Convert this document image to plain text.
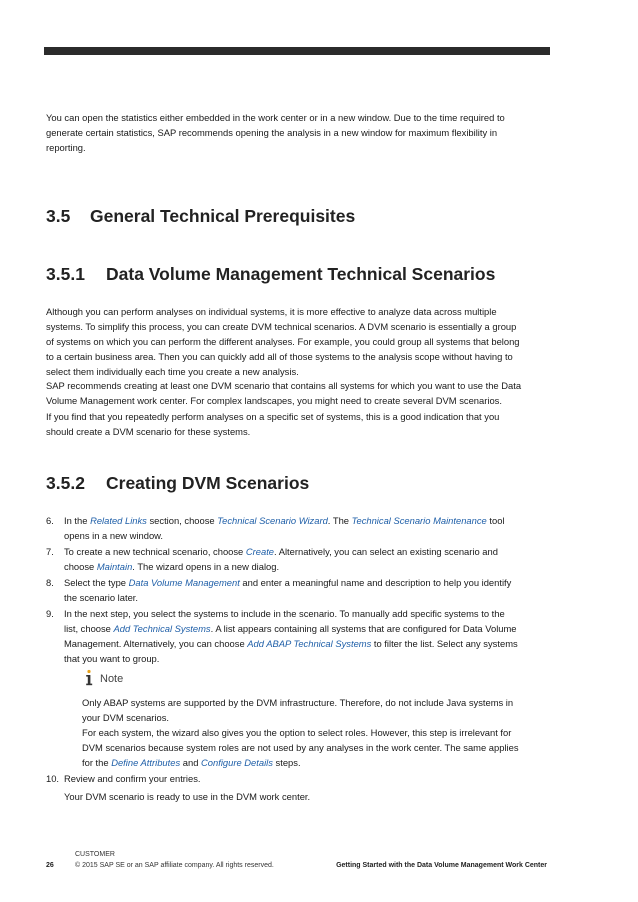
You can open the statistics either embedded in the work center or in a new window. Due to the time required to
generate certain statistics, SAP recommends opening the analysis in a new window for maximum flexibility in
reporting.
3.5 General Technical Prerequisites
3.5.1 Data Volume Management Technical Scenarios
Although you can perform analyses on individual systems, it is more effective to analyze data across multiple
systems. To simplify this process, you can create DVM technical scenarios. A DVM scenario is essentially a group
of systems on which you can perform the different analyses. For example, you could group all systems that belong
to a certain business area. Then you can quickly add all of those systems to the analysis scope without having to
select them individually each time you create a new analysis.
SAP recommends creating at least one DVM scenario that contains all systems for which you want to use the Data
Volume Management work center. For complex landscapes, you might need to create several DVM scenarios.
If you find that you repeatedly perform analyses on a specific set of systems, this is a good indication that you
should create a DVM scenario for these systems.
3.5.2 Creating DVM Scenarios
6.	In the Related Links section, choose Technical Scenario Wizard. The Technical Scenario Maintenance tool
opens in a new window.
7.	To create a new technical scenario, choose Create. Alternatively, you can select an existing scenario and
choose Maintain. The wizard opens in a new dialog.
8.	Select the type Data Volume Management and enter a meaningful name and description to help you identify
the scenario later.
9.	In the next step, you select the systems to include in the scenario. To manually add specific systems to the
list, choose Add Technical Systems. A list appears containing all systems that are configured for Data Volume
Management. Alternatively, you can choose Add ABAP Technical Systems to filter the list. Select any systems
that you want to group.
Note
Only ABAP systems are supported by the DVM infrastructure. Therefore, do not include Java systems in
your DVM scenarios.
For each system, the wizard also gives you the option to select roles. However, this step is irrelevant for
DVM scenarios because system roles are not used by any analyses in the work center. The same applies
for the Define Attributes and Configure Details steps.
10. Review and confirm your entries.
Your DVM scenario is ready to use in the DVM work center.
CUSTOMER
26	© 2015 SAP SE or an SAP affiliate company. All rights reserved.	Getting Started with the Data Volume Management Work Center
